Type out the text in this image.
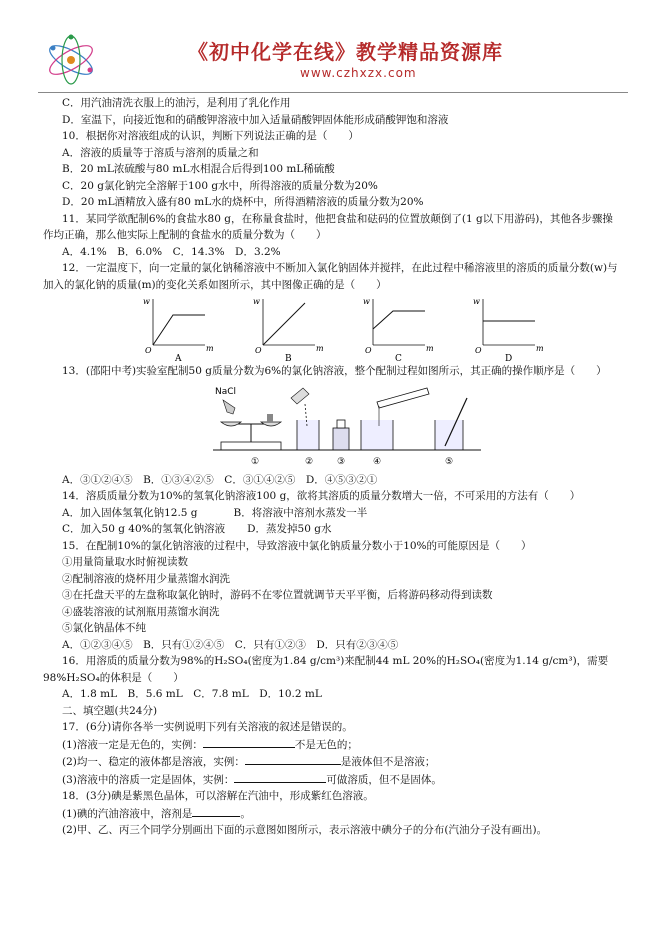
《初中化学在线》教学精品资源库
www.czhxzx.com
C．用汽油清洗衣服上的油污，是利用了乳化作用
D．室温下，向接近饱和的硝酸钾溶液中加入适量硝酸钾固体能形成硝酸钾饱和溶液
10．根据你对溶液组成的认识，判断下列说法正确的是（　　）
A．溶液的质量等于溶质与溶剂的质量之和
B．20 mL浓硫酸与80 mL水相混合后得到100 mL稀硫酸
C．20 g氯化钠完全溶解于100 g水中，所得溶液的质量分数为20%
D．20 mL酒精放入盛有80 mL水的烧杯中，所得酒精溶液的质量分数为20%
11．某同学欲配制6%的食盐水80 g，在称量食盐时，他把食盐和砝码的位置放颠倒了(1 g以下用游码)，其他各步骤操作均正确，那么他实际上配制的食盐水的质量分数为（　　）
A．4.1%　B．6.0%　C．14.3%　D．3.2%
12．一定温度下，向一定量的氯化钠稀溶液中不断加入氯化钠固体并搅拌，在此过程中稀溶液里的溶质的质量分数(w)与加入的氯化钠的质量(m)的变化关系如图所示，其中图像正确的是（　　）
w
m
O
A
w
m
O
B
w
m
O
C
w
m
O
D
13．(邵阳中考)实验室配制50 g质量分数为6%的氯化钠溶液，整个配制过程如图所示，其正确的操作顺序是（　　）
NaCl
①	②	③	④	⑤
A．③①②④⑤　B．①③④②⑤　C．③①④②⑤　D．④⑤③②①
14．溶质质量分数为10%的氢氧化钠溶液100 g，欲将其溶质的质量分数增大一倍，不可采用的方法有（　　）
A．加入固体氢氧化钠12.5 g	B．将溶液中溶剂水蒸发一半
C．加入50 g 40%的氢氧化钠溶液 D．蒸发掉50 g水
15．在配制10%的氯化钠溶液的过程中，导致溶液中氯化钠质量分数小于10%的可能原因是（　　）
①用量筒量取水时俯视读数
②配制溶液的烧杯用少量蒸馏水润洗
③在托盘天平的左盘称取氯化钠时，游码不在零位置就调节天平平衡，后将游码移动得到读数
④盛装溶液的试剂瓶用蒸馏水润洗
⑤氯化钠晶体不纯
A．①②③④⑤　B．只有①②④⑤　C．只有①②③　D．只有②③④⑤
16．用溶质的质量分数为98%的H₂SO₄(密度为1.84 g/cm³)来配制44 mL 20%的H₂SO₄(密度为1.14 g/cm³)，需要98%H₂SO₄的体积是（　　）
A．1.8 mL　B．5.6 mL　C．7.8 mL　D．10.2 mL
二、填空题(共24分)
17．(6分)请你各举一实例说明下列有关溶液的叙述是错误的。
(1)溶液一定是无色的，实例：	不是无色的；
(2)均一、稳定的液体都是溶液，实例：	是液体但不是溶液；
(3)溶液中的溶质一定是固体，实例：	可做溶质，但不是固体。
18．(3分)碘是紫黑色晶体，可以溶解在汽油中，形成紫红色溶液。
(1)碘的汽油溶液中，溶剂是	。
(2)甲、乙、丙三个同学分别画出下面的示意图如图所示，表示溶液中碘分子的分布(汽油分子没有画出)。
